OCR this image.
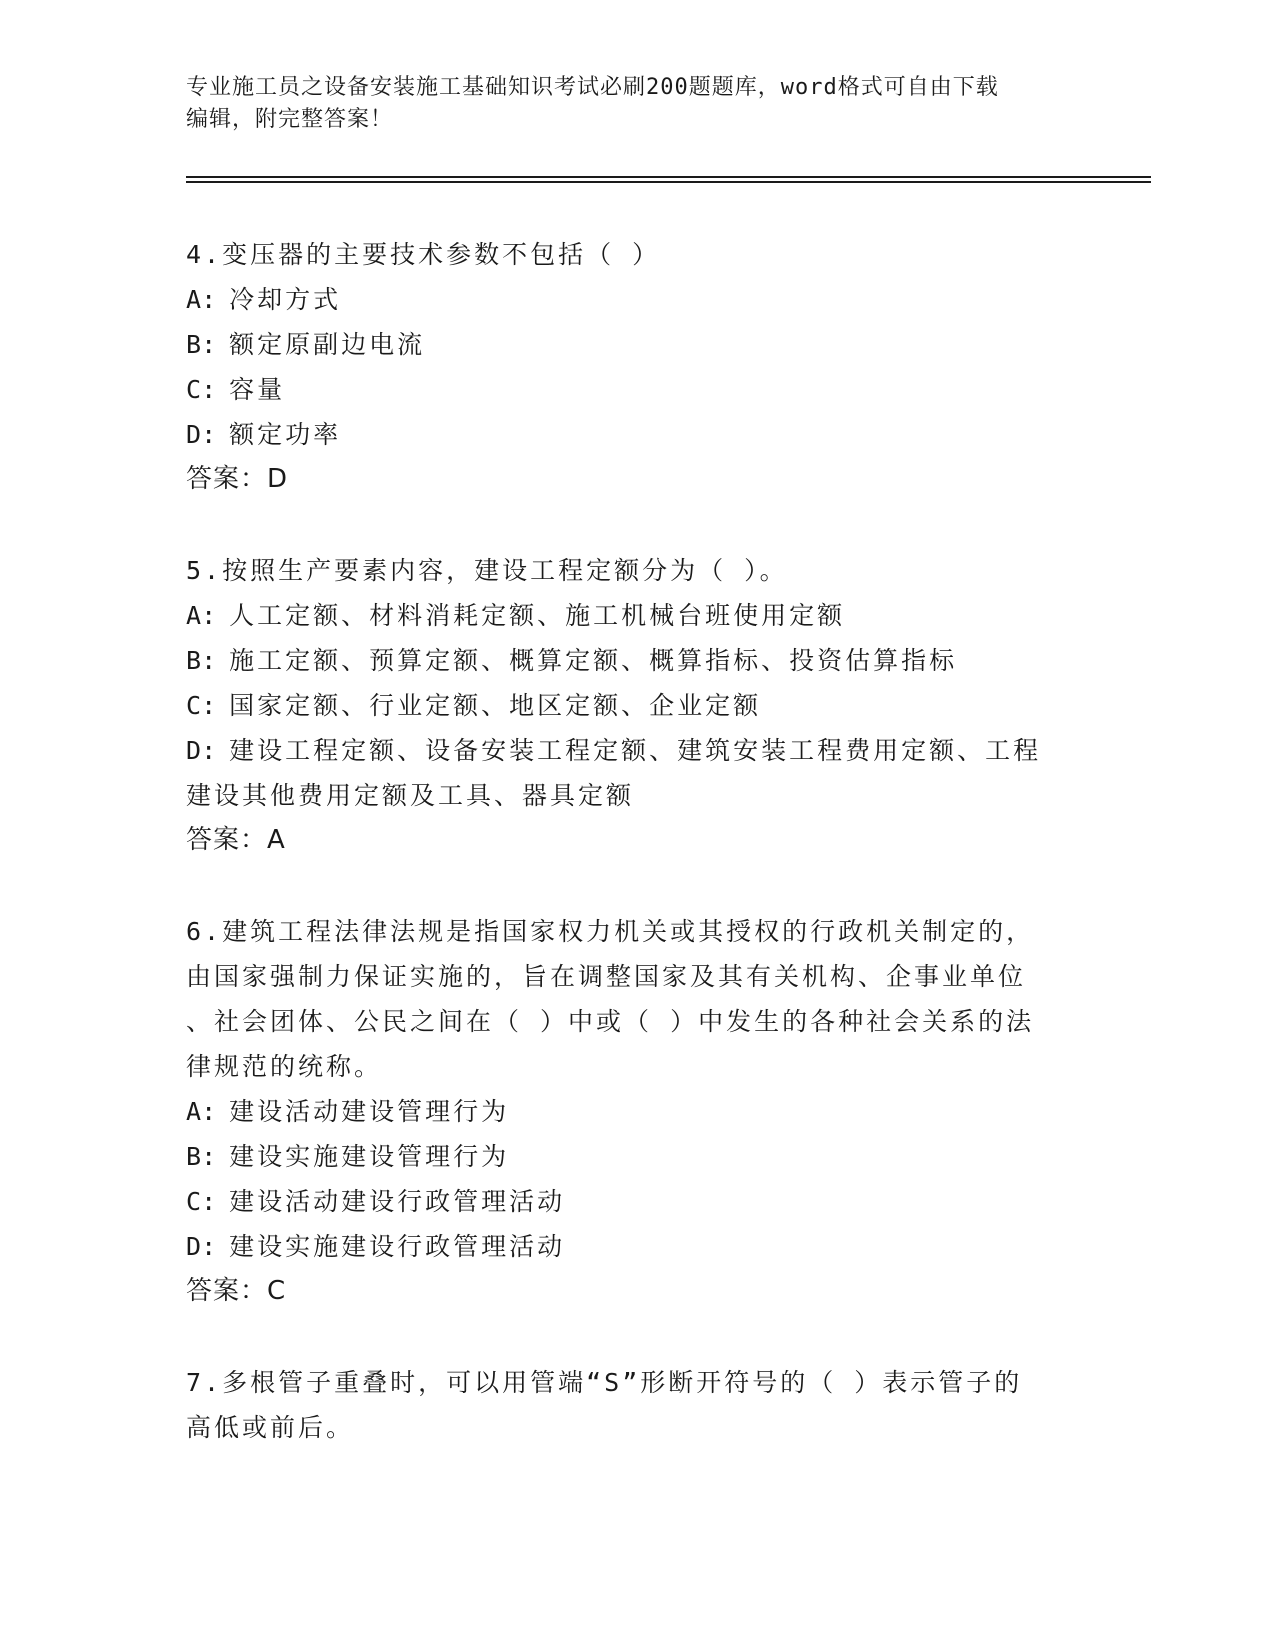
专业施工员之设备安装施工基础知识考试必刷200题题库，word格式可自由下载
编辑，附完整答案！
4.变压器的主要技术参数不包括（ ）
A: 冷却方式
B: 额定原副边电流
C: 容量
D: 额定功率
答案：D
5.按照生产要素内容，建设工程定额分为（ ）。
A: 人工定额、材料消耗定额、施工机械台班使用定额
B: 施工定额、预算定额、概算定额、概算指标、投资估算指标
C: 国家定额、行业定额、地区定额、企业定额
D: 建设工程定额、设备安装工程定额、建筑安装工程费用定额、工程
建设其他费用定额及工具、器具定额
答案：A
6.建筑工程法律法规是指国家权力机关或其授权的行政机关制定的，
由国家强制力保证实施的，旨在调整国家及其有关机构、企事业单位
、社会团体、公民之间在（ ）中或（ ）中发生的各种社会关系的法
律规范的统称。
A: 建设活动建设管理行为
B: 建设实施建设管理行为
C: 建设活动建设行政管理活动
D: 建设实施建设行政管理活动
答案：C
7.多根管子重叠时，可以用管端“S”形断开符号的（ ）表示管子的
高低或前后。
